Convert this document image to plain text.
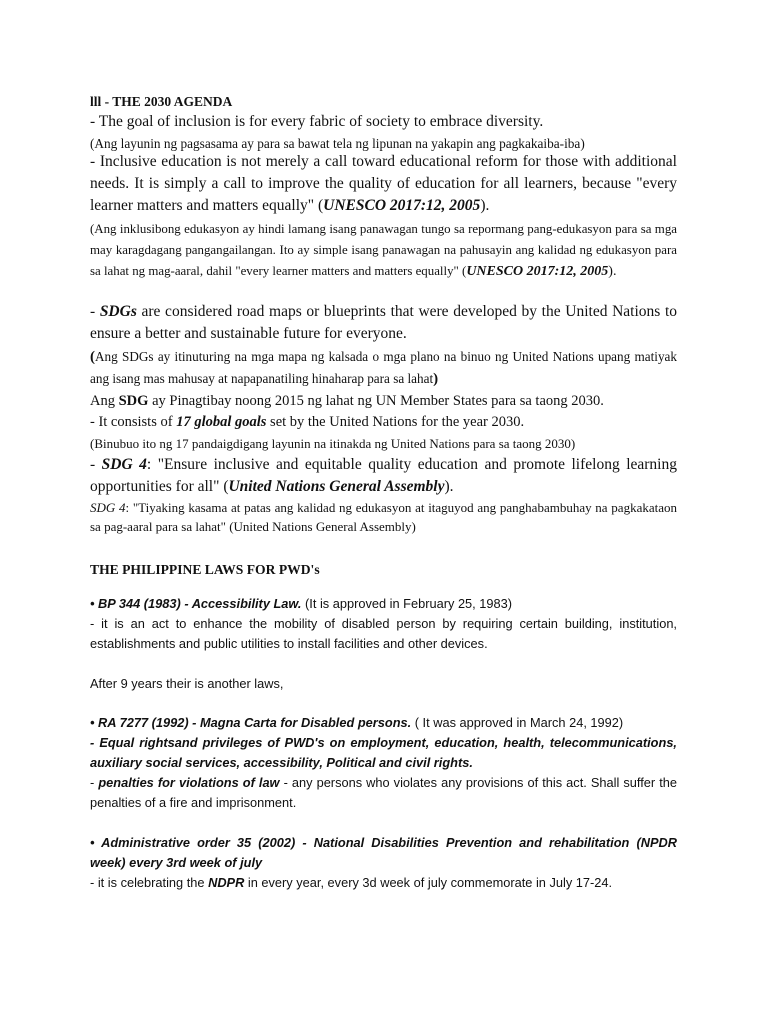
lll - THE 2030 AGENDA
- The goal of inclusion is for every fabric of society to embrace diversity.
(Ang layunin ng pagsasama ay para sa bawat tela ng lipunan na yakapin ang pagkakaiba-iba)

- Inclusive education is not merely a call toward educational reform for those with additional needs. It is simply a call to improve the quality of education for all learners, because "every learner matters and matters equally" (UNESCO 2017:12, 2005).

(Ang inklusibong edukasyon ay hindi lamang isang panawagan tungo sa repormang pang-edukasyon para sa mga may karagdagang pangangailangan. Ito ay simple isang panawagan na pahusayin ang kalidad ng edukasyon para sa lahat ng mag-aaral, dahil "every learner matters and matters equally" (UNESCO 2017:12, 2005).

- SDGs are considered road maps or blueprints that were developed by the United Nations to ensure a better and sustainable future for everyone.

(Ang SDGs ay itinuturing na mga mapa ng kalsada o mga plano na binuo ng United Nations upang matiyak ang isang mas mahusay at napapanatiling hinaharap para sa lahat)

Ang SDG ay Pinagtibay noong 2015 ng lahat ng UN Member States para sa taong 2030.
- It consists of 17 global goals set by the United Nations for the year 2030.
(Binubuo ito ng 17 pandaigdigang layunin na itinakda ng United Nations para sa taong 2030)

- SDG 4: "Ensure inclusive and equitable quality education and promote lifelong learning opportunities for all" (United Nations General Assembly).

SDG 4: "Tiyaking kasama at patas ang kalidad ng edukasyon at itaguyod ang panghabambuhay na pagkakataon sa pag-aaral para sa lahat" (United Nations General Assembly)

THE PHILIPPINE LAWS FOR PWD's
• BP 344 (1983) - Accessibility Law. (It is approved in February 25, 1983)

- it is an act to enhance the mobility of disabled person by requiring certain building, institution, establishments and public utilities to install facilities and other devices.

After 9 years their is another laws,
• RA 7277 (1992) - Magna Carta for Disabled persons. ( It was approved in March 24, 1992)

- Equal rightsand privileges of PWD's on employment, education, health, telecommunications, auxiliary social services, accessibility, Political and civil rights.

- penalties for violations of law - any persons who violates any provisions of this act. Shall suffer the penalties of a fire and imprisonment.

• Administrative order 35 (2002) - National Disabilities Prevention and rehabilitation (NPDR week) every 3rd week of july

- it is celebrating the NDPR in every year, every 3d week of july commemorate in July 17-24.
